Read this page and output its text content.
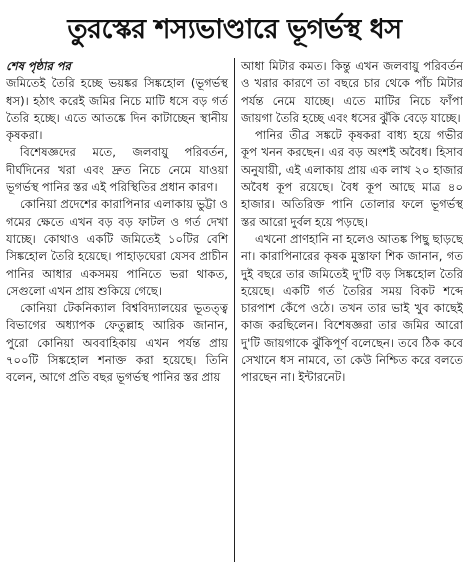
তুরস্কের শস্যভাণ্ডারে ভূগর্ভস্থ ধস

শেষ পৃষ্ঠার পর
জমিতেই তৈরি হচ্ছে ভয়ঙ্কর সিঙ্কহোল (ভূগর্ভস্থ ধস)। হঠাৎ করেই জমির নিচে মাটি ধসে বড় গর্ত তৈরি হচ্ছে। এতে আতঙ্কে দিন কাটাচ্ছেন স্থানীয় কৃষকরা।

বিশেষজ্ঞদের মতে, জলবায়ু পরিবর্তন, দীর্ঘদিনের খরা এবং দ্রুত নিচে নেমে যাওয়া ভূগর্ভস্থ পানির স্তর এই পরিস্থিতির প্রধান কারণ।

কোনিয়া প্রদেশের কারাপিনার এলাকায় ভুট্টা ও গমের ক্ষেতে এখন বড় বড় ফাটল ও গর্ত দেখা যাচ্ছে। কোথাও একটি জমিতেই ১০টির বেশি সিঙ্কহোল তৈরি হয়েছে। পাহাড়ঘেরা যেসব প্রাচীন পানির আধার একসময় পানিতে ভরা থাকত, সেগুলো এখন প্রায় শুকিয়ে গেছে।

কোনিয়া টেকনিক্যাল বিশ্ববিদ্যালয়ের ভূতত্ত্ব বিভাগের অধ্যাপক ফেতুল্লাহ আরিক জানান, পুরো কোনিয়া অববাহিকায় এখন পর্যন্ত প্রায় ৭০০টি সিঙ্কহোল শনাক্ত করা হয়েছে। তিনি বলেন, আগে প্রতি বছর ভূগর্ভস্থ পানির স্তর প্রায়

আধা মিটার কমত। কিন্তু এখন জলবায়ু পরিবর্তন ও খরার কারণে তা বছরে চার থেকে পাঁচ মিটার পর্যন্ত নেমে যাচ্ছে। এতে মাটির নিচে ফাঁপা জায়গা তৈরি হচ্ছে এবং ধসের ঝুঁকি বেড়ে যাচ্ছে।

পানির তীব্র সঙ্কটে কৃষকরা বাধ্য হয়ে গভীর কূপ খনন করছেন। এর বড় অংশই অবৈধ। হিসাব অনুযায়ী, এই এলাকায় প্রায় এক লাখ ২০ হাজার অবৈধ কূপ রয়েছে। বৈধ কূপ আছে মাত্র ৪০ হাজার। অতিরিক্ত পানি তোলার ফলে ভূগর্ভস্থ স্তর আরো দুর্বল হয়ে পড়ছে।

এখনো প্রাণহানি না হলেও আতঙ্ক পিছু ছাড়ছে না। কারাপিনারের কৃষক মুস্তাফা শিক জানান, গত দুই বছরে তার জমিতেই দু'টি বড় সিঙ্কহোল তৈরি হয়েছে। একটি গর্ত তৈরির সময় বিকট শব্দে চারপাশ কেঁপে ওঠে। তখন তার ভাই খুব কাছেই কাজ করছিলেন। বিশেষজ্ঞরা তার জমির আরো দু'টি জায়গাকে ঝুঁকিপূর্ণ বলেছেন। তবে ঠিক কবে সেখানে ধস নামবে, তা কেউ নিশ্চিত করে বলতে পারছেন না। ইন্টারনেট।
